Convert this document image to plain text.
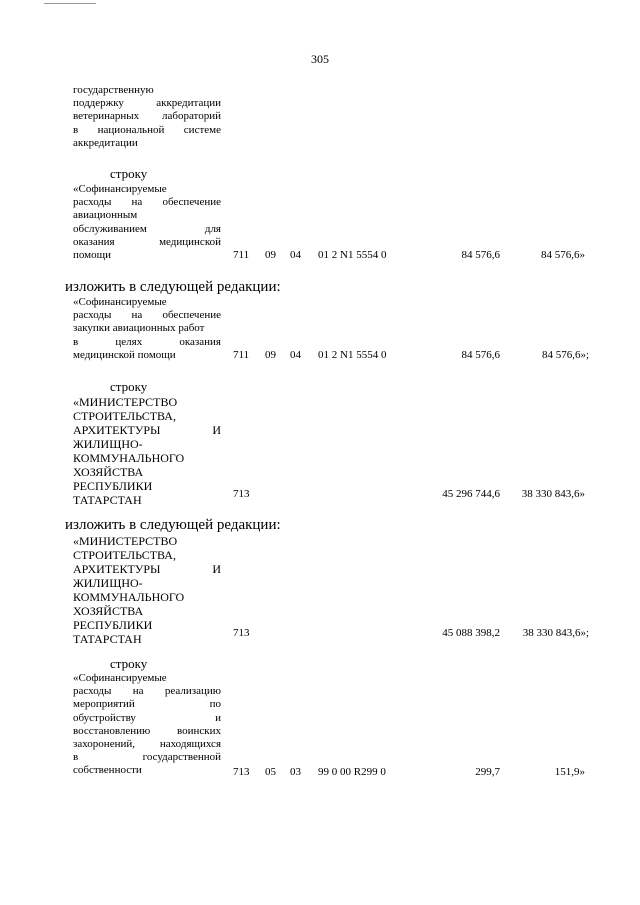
305
государственную
поддержку	аккредитации
ветеринарных лабораторий
в национальной системе
аккредитации
строку
«Софинансируемые
расходы на обеспечение
авиационным
обслуживанием	для
оказания	медицинской
помощи	711 09 04 01 2 N1 5554 0	84 576,6	84 576,6»
изложить в следующей редакции:
«Софинансируемые
расходы на обеспечение
закупки авиационных работ
в	целях	оказания
медицинской помощи	711 09 04 01 2 N1 5554 0	84 576,6	84 576,6»;
строку
«МИНИСТЕРСТВО
СТРОИТЕЛЬСТВА,
АРХИТЕКТУРЫ	И
ЖИЛИЩНО-
КОММУНАЛЬНОГО
ХОЗЯЙСТВА
РЕСПУБЛИКИ
ТАТАРСТАН	713	45 296 744,6	38 330 843,6»
изложить в следующей редакции:
«МИНИСТЕРСТВО
СТРОИТЕЛЬСТВА,
АРХИТЕКТУРЫ	И
ЖИЛИЩНО-
КОММУНАЛЬНОГО
ХОЗЯЙСТВА
РЕСПУБЛИКИ
ТАТАРСТАН	713	45 088 398,2	38 330 843,6»;
строку
«Софинансируемые
расходы на реализацию
мероприятий	по
обустройству	и
восстановлению воинских
захоронений, находящихся
в	государственной
собственности	713 05 03 99 0 00 R299 0	299,7	151,9»
